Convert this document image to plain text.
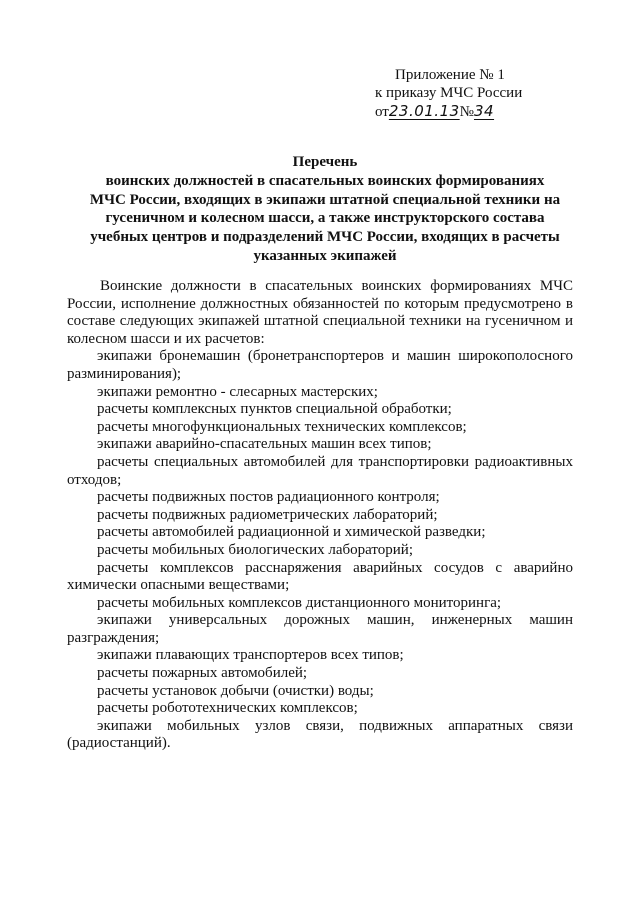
Приложение № 1
к приказу МЧС России
от23.01.13№34

Перечень

воинских должностей в спасательных воинских формированиях
МЧС России, входящих в экипажи штатной специальной техники на
гусеничном и колесном шасси, а также инструкторского состава
учебных центров и подразделений МЧС России, входящих в расчеты
указанных экипажей

Воинские должности в спасательных воинских формированиях МЧС России, исполнение должностных обязанностей по которым предусмотрено в составе следующих экипажей штатной специальной техники на гусеничном и колесном шасси и их расчетов:

экипажи бронемашин (бронетранспортеров и машин широкополосного разминирования);

экипажи ремонтно - слесарных мастерских;

расчеты комплексных пунктов специальной обработки;

расчеты многофункциональных технических комплексов;

экипажи аварийно-спасательных машин всех типов;

расчеты специальных автомобилей для транспортировки радиоактивных отходов;

расчеты подвижных постов радиационного контроля;

расчеты подвижных радиометрических лабораторий;

расчеты автомобилей радиационной и химической разведки;

расчеты мобильных биологических лабораторий;

расчеты комплексов расснаряжения аварийных сосудов с аварийно химически опасными веществами;

расчеты мобильных комплексов дистанционного мониторинга;

экипажи универсальных дорожных машин, инженерных машин разграждения;

экипажи плавающих транспортеров всех типов;

расчеты пожарных автомобилей;

расчеты установок добычи (очистки) воды;

расчеты робототехнических комплексов;

экипажи мобильных узлов связи, подвижных аппаратных связи (радиостанций).
